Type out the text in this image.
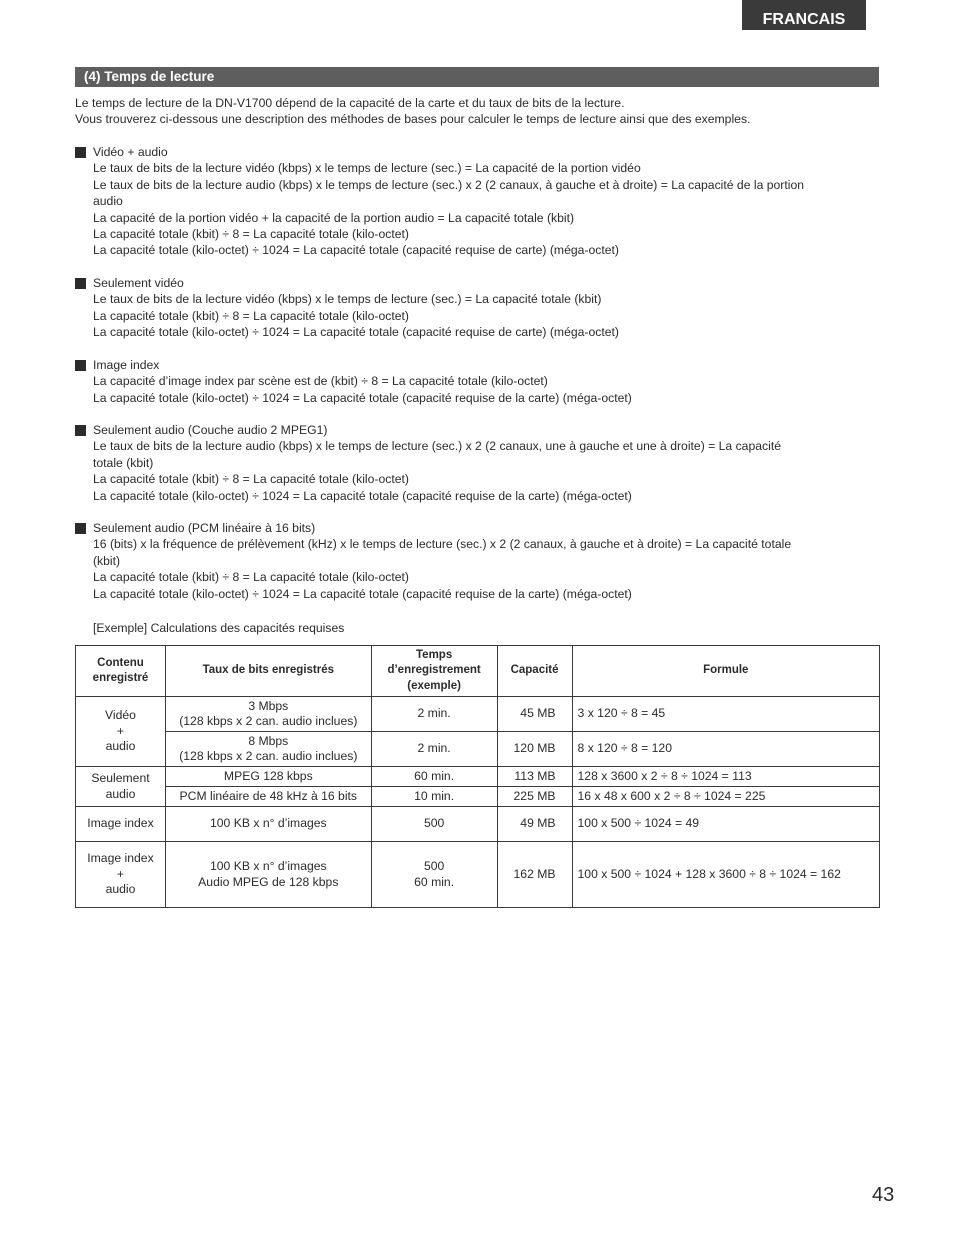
FRANCAIS
(4) Temps de lecture

Le temps de lecture de la DN-V1700 dépend de la capacité de la carte et du taux de bits de la lecture.

Vous trouverez ci-dessous une description des méthodes de bases pour calculer le temps de lecture ainsi que des exemples.

Vidéo + audio
Le taux de bits de la lecture vidéo (kbps) x le temps de lecture (sec.) = La capacité de la portion vidéo
Le taux de bits de la lecture audio (kbps) x le temps de lecture (sec.) x 2 (2 canaux, à gauche et à droite) = La capacité de la portion
audio
La capacité de la portion vidéo + la capacité de la portion audio = La capacité totale (kbit)
La capacité totale (kbit) ÷ 8 = La capacité totale (kilo-octet)
La capacité totale (kilo-octet) ÷ 1024 = La capacité totale (capacité requise de carte) (méga-octet)
Seulement vidéo
Le taux de bits de la lecture vidéo (kbps) x le temps de lecture (sec.) = La capacité totale (kbit)
La capacité totale (kbit) ÷ 8 = La capacité totale (kilo-octet)
La capacité totale (kilo-octet) ÷ 1024 = La capacité totale (capacité requise de carte) (méga-octet)
Image index
La capacité d’image index par scène est de (kbit) ÷ 8 = La capacité totale (kilo-octet)
La capacité totale (kilo-octet) ÷ 1024 = La capacité totale (capacité requise de la carte) (méga-octet)
Seulement audio (Couche audio 2 MPEG1)
Le taux de bits de la lecture audio (kbps) x le temps de lecture (sec.) x 2 (2 canaux, une à gauche et une à droite) = La capacité
totale (kbit)
La capacité totale (kbit) ÷ 8 = La capacité totale (kilo-octet)
La capacité totale (kilo-octet) ÷ 1024 = La capacité totale (capacité requise de la carte) (méga-octet)
Seulement audio (PCM linéaire à 16 bits)
16 (bits) x la fréquence de prélèvement (kHz) x le temps de lecture (sec.) x 2 (2 canaux, à gauche et à droite) = La capacité totale
(kbit)
La capacité totale (kbit) ÷ 8 = La capacité totale (kilo-octet)
La capacité totale (kilo-octet) ÷ 1024 = La capacité totale (capacité requise de la carte) (méga-octet)
[Exemple] Calculations des capacités requises
Contenu
enregistré	Taux de bits enregistrés	Temps
d’enregistrement
(exemple)	Capacité	Formule
Vidéo
+
audio	3 Mbps
(128 kbps x 2 can. audio inclues)	2 min.	45 MB	3 x 120 ÷ 8 = 45
	8 Mbps
(128 kbps x 2 can. audio inclues)	2 min.	120 MB	8 x 120 ÷ 8 = 120
Seulement
audio	MPEG 128 kbps	60 min.	113 MB	128 x 3600 x 2 ÷ 8 ÷ 1024 = 113
	PCM linéaire de 48 kHz à 16 bits	10 min.	225 MB	16 x 48 x 600 x 2 ÷ 8 ÷ 1024 = 225
Image index	100 KB x n° d’images	500	49 MB	100 x 500 ÷ 1024 = 49
Image index
+
audio	100 KB x n° d’images
Audio MPEG de 128 kbps	500
60 min.	162 MB	100 x 500 ÷ 1024 + 128 x 3600 ÷ 8 ÷ 1024 = 162
43
